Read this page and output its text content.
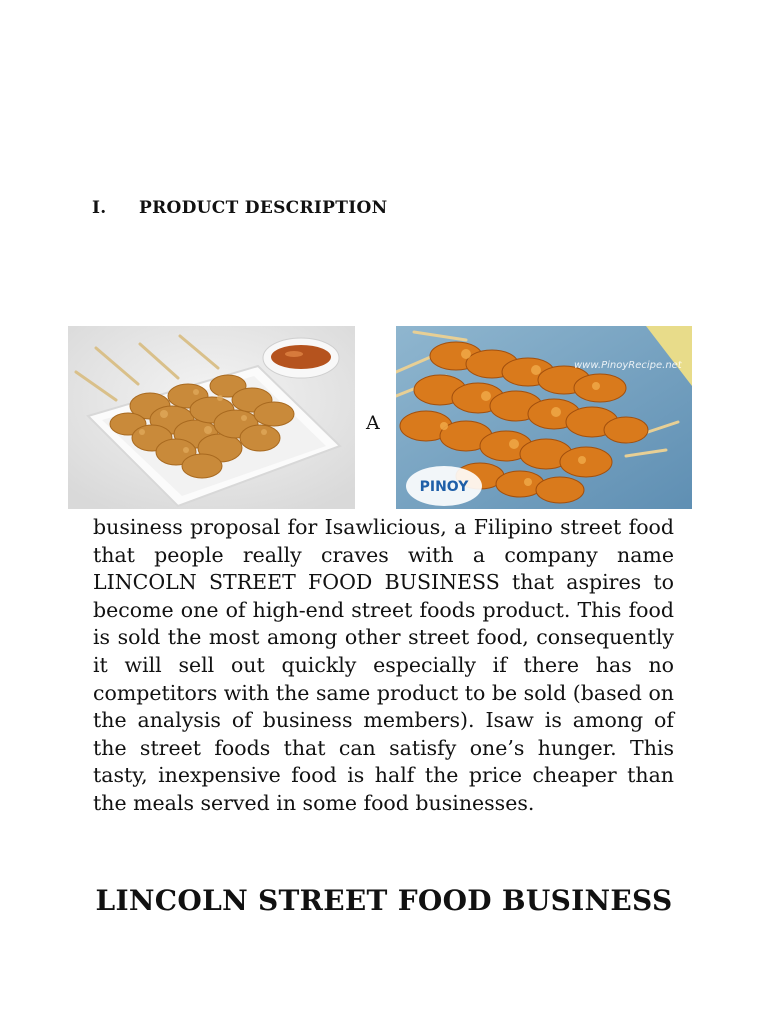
I. PRODUCT DESCRIPTION
A
www.PinoyRecipe.net
PINOY
business proposal for Isawlicious, a Filipino street food that people really craves with a company name LINCOLN STREET FOOD BUSINESS that aspires to become one of high-end street foods product. This food is sold the most among other street food, consequently it will sell out quickly especially if there has no competitors with the same product to be sold (based on the analysis of business members). Isaw is among of the street foods that can satisfy one’s hunger. This tasty, inexpensive food is half the price cheaper than the meals served in some food businesses.
LINCOLN STREET FOOD BUSINESS
